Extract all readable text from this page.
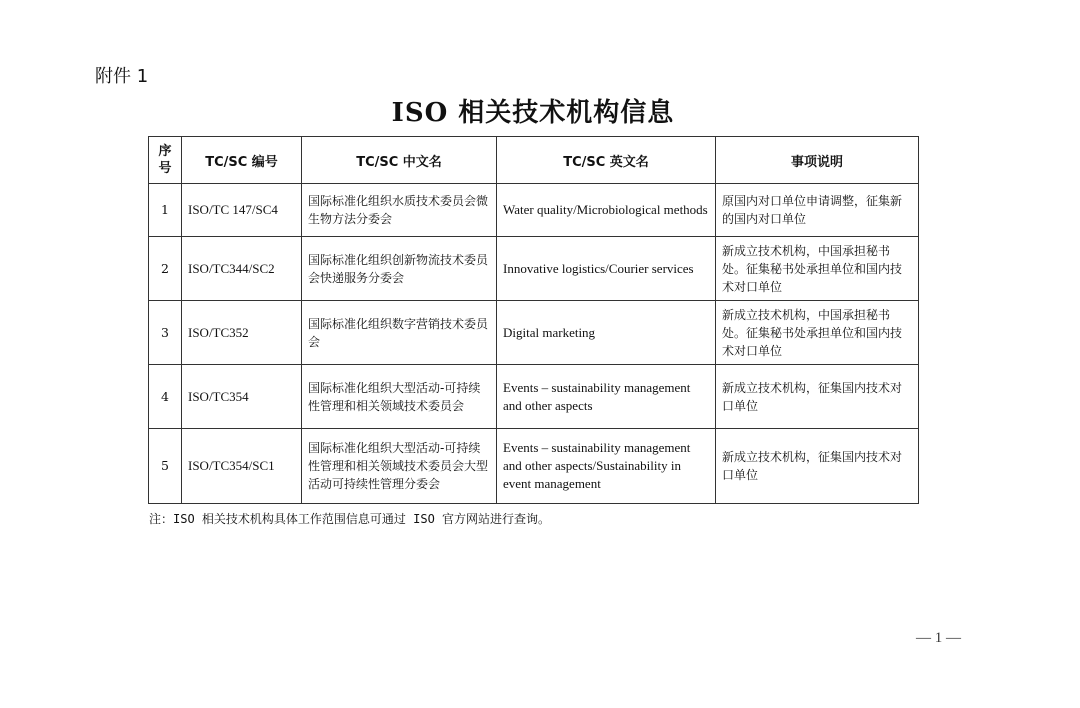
附件 1
ISO 相关技术机构信息
序号	TC/SC 编号	TC/SC 中文名	TC/SC 英文名	事项说明
1	ISO/TC 147/SC4	国际标准化组织水质技术委员会微生物方法分委会	Water quality/Microbiological methods	原国内对口单位申请调整，征集新的国内对口单位
2	ISO/TC344/SC2	国际标准化组织创新物流技术委员会快递服务分委会	Innovative logistics/Courier services	新成立技术机构，中国承担秘书处。征集秘书处承担单位和国内技术对口单位
3	ISO/TC352	国际标准化组织数字营销技术委员会	Digital marketing	新成立技术机构，中国承担秘书处。征集秘书处承担单位和国内技术对口单位
4	ISO/TC354	国际标准化组织大型活动-可持续性管理和相关领域技术委员会	Events – sustainability management and other aspects	新成立技术机构，征集国内技术对口单位
5	ISO/TC354/SC1	国际标准化组织大型活动-可持续性管理和相关领域技术委员会大型活动可持续性管理分委会	Events – sustainability management and other aspects/Sustainability in event management	新成立技术机构，征集国内技术对口单位
注：ISO 相关技术机构具体工作范围信息可通过 ISO 官方网站进行查询。
— 1 —
